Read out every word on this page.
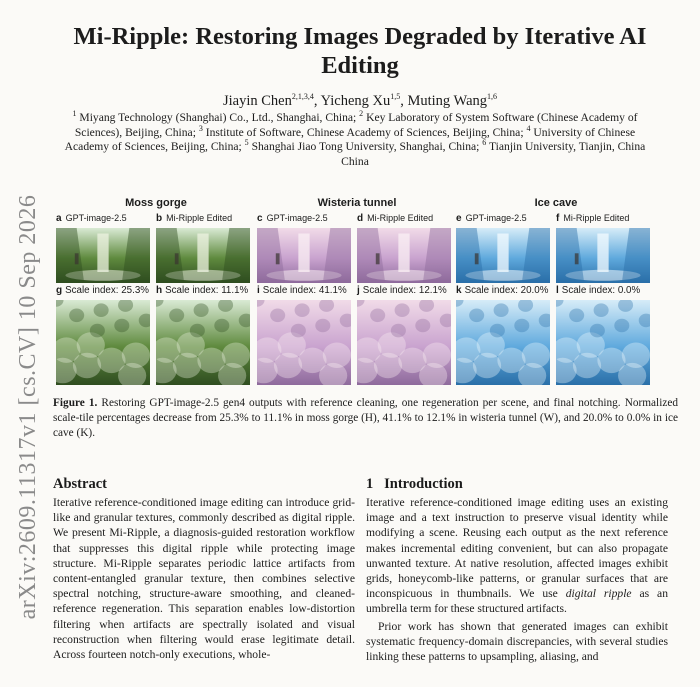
arXiv:2609.11317v1 [cs.CV] 10 Sep 2026
Mi-Ripple: Restoring Images Degraded by Iterative AI Editing
Jiayin Chen$^{2,1,3,4}$, Yicheng Xu$^{1,5}$, Muting Wang$^{1,6}$
$^1$ Miyang Technology (Shanghai) Co., Ltd., Shanghai, China; $^2$ Key Laboratory of System Software (Chinese Academy of Sciences), Beijing, China; $^3$ Institute of Software, Chinese Academy of Sciences, Beijing, China; $^4$ University of Chinese Academy of Sciences, Beijing, China; $^5$ Shanghai Jiao Tong University, Shanghai, China; $^6$ Tianjin University, Tianjin, China
China
Moss gorge
a GPT-image-2.5
g Scale index: 25.3%
b Mi-Ripple Edited
h Scale index: 11.1%
Wisteria tunnel
c GPT-image-2.5
i Scale index: 41.1%
d Mi-Ripple Edited
j Scale index: 12.1%
Ice cave
e GPT-image-2.5
k Scale index: 20.0%
f Mi-Ripple Edited
l Scale index: 0.0%
Figure 1. Restoring GPT-image-2.5 gen4 outputs with reference cleaning, one regeneration per scene, and final notching. Normalized scale-tile percentages decrease from 25.3% to 11.1% in moss gorge (H), 41.1% to 12.1% in wisteria tunnel (W), and 20.0% to 0.0% in ice cave (K).
Abstract	1 Introduction

Iterative reference-conditioned image editing can introduce grid-like and granular textures, commonly described as digital ripple. We present Mi-Ripple, a diagnosis-guided restoration workflow that suppresses this digital ripple while protecting image structure. Mi-Ripple separates periodic lattice artifacts from content-entangled granular texture, then combines selective spectral notching, structure-aware smoothing, and cleaned-reference regeneration. This separation enables low-distortion filtering when artifacts are spectrally isolated and visual reconstruction when filtering would erase legitimate detail. Across fourteen notch-only executions, whole-

Iterative reference-conditioned image editing uses an existing image and a text instruction to preserve visual identity while modifying a scene. Reusing each output as the next reference makes incremental editing convenient, but can also propagate unwanted texture. At native resolution, affected images exhibit grids, honeycomb-like patterns, or granular surfaces that are inconspicuous in thumbnails. We use digital ripple as an umbrella term for these structured artifacts.

Prior work has shown that generated images can exhibit systematic frequency-domain discrepancies, with several studies linking these patterns to upsampling, aliasing, and
